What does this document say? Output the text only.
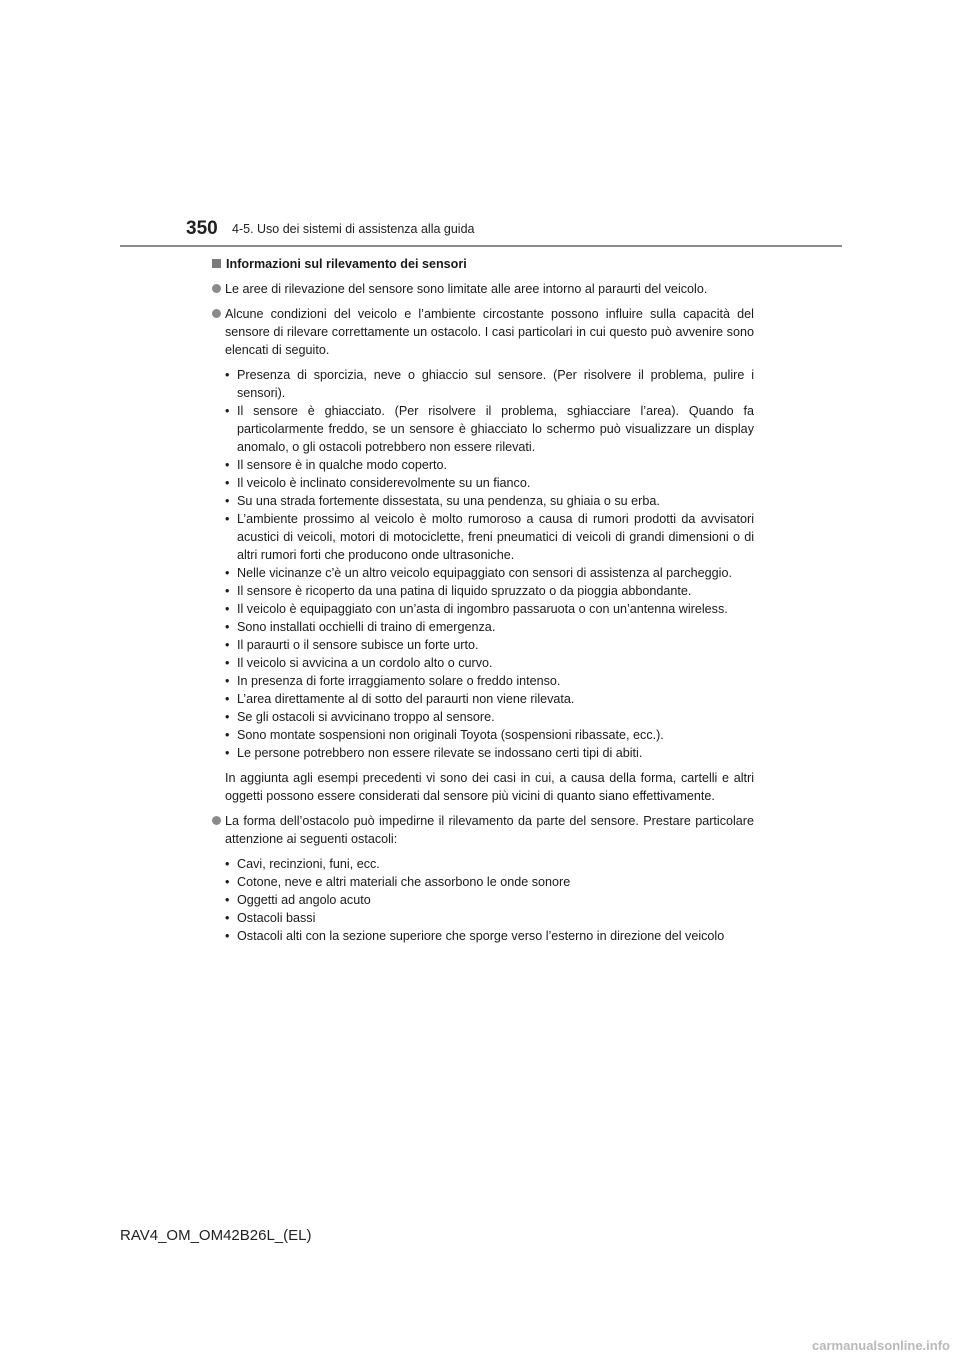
350 4-5. Uso dei sistemi di assistenza alla guida
Informazioni sul rilevamento dei sensori
Le aree di rilevazione del sensore sono limitate alle aree intorno al paraurti del veicolo.
Alcune condizioni del veicolo e l’ambiente circostante possono influire sulla capacità del sensore di rilevare correttamente un ostacolo. I casi particolari in cui questo può avvenire sono elencati di seguito.
• Presenza di sporcizia, neve o ghiaccio sul sensore. (Per risolvere il problema, pulire i sensori).
• Il sensore è ghiacciato. (Per risolvere il problema, sghiacciare l’area). Quando fa particolarmente freddo, se un sensore è ghiacciato lo schermo può visualizzare un display anomalo, o gli ostacoli potrebbero non essere rilevati.
• Il sensore è in qualche modo coperto.
• Il veicolo è inclinato considerevolmente su un fianco.
• Su una strada fortemente dissestata, su una pendenza, su ghiaia o su erba.
• L’ambiente prossimo al veicolo è molto rumoroso a causa di rumori prodotti da avvisatori acustici di veicoli, motori di motociclette, freni pneumatici di veicoli di grandi dimensioni o di altri rumori forti che producono onde ultrasoniche.
• Nelle vicinanze c’è un altro veicolo equipaggiato con sensori di assistenza al parcheggio.
• Il sensore è ricoperto da una patina di liquido spruzzato o da pioggia abbondante.
• Il veicolo è equipaggiato con un’asta di ingombro passaruota o con un’antenna wireless.
• Sono installati occhielli di traino di emergenza.
• Il paraurti o il sensore subisce un forte urto.
• Il veicolo si avvicina a un cordolo alto o curvo.
• In presenza di forte irraggiamento solare o freddo intenso.
• L’area direttamente al di sotto del paraurti non viene rilevata.
• Se gli ostacoli si avvicinano troppo al sensore.
• Sono montate sospensioni non originali Toyota (sospensioni ribassate, ecc.).
• Le persone potrebbero non essere rilevate se indossano certi tipi di abiti.
In aggiunta agli esempi precedenti vi sono dei casi in cui, a causa della forma, cartelli e altri oggetti possono essere considerati dal sensore più vicini di quanto siano effettivamente.
La forma dell’ostacolo può impedirne il rilevamento da parte del sensore. Prestare particolare attenzione ai seguenti ostacoli:
• Cavi, recinzioni, funi, ecc.
• Cotone, neve e altri materiali che assorbono le onde sonore
• Oggetti ad angolo acuto
• Ostacoli bassi
• Ostacoli alti con la sezione superiore che sporge verso l’esterno in direzione del veicolo
RAV4_OM_OM42B26L_(EL)
carmanualsonline.info
